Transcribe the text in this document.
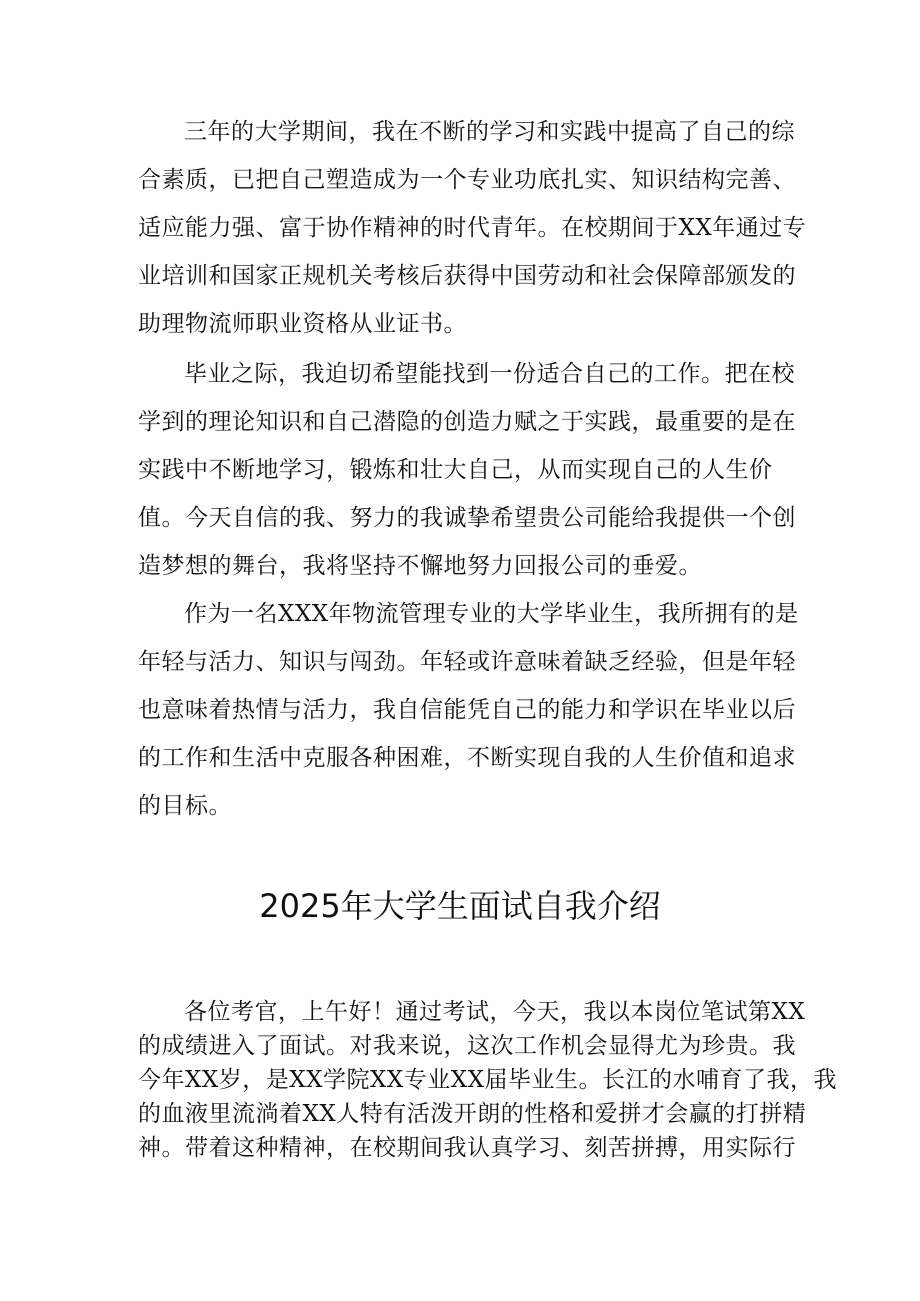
三年的大学期间，我在不断的学习和实践中提高了自己的综
合素质，已把自己塑造成为一个专业功底扎实、知识结构完善、
适应能力强、富于协作精神的时代青年。在校期间于XX年通过专
业培训和国家正规机关考核后获得中国劳动和社会保障部颁发的
助理物流师职业资格从业证书。
毕业之际，我迫切希望能找到一份适合自己的工作。把在校
学到的理论知识和自己潜隐的创造力赋之于实践，最重要的是在
实践中不断地学习，锻炼和壮大自己，从而实现自己的人生价
值。今天自信的我、努力的我诚挚希望贵公司能给我提供一个创
造梦想的舞台，我将坚持不懈地努力回报公司的垂爱。
作为一名XXX年物流管理专业的大学毕业生，我所拥有的是
年轻与活力、知识与闯劲。年轻或许意味着缺乏经验，但是年轻
也意味着热情与活力，我自信能凭自己的能力和学识在毕业以后
的工作和生活中克服各种困难，不断实现自我的人生价值和追求
的目标。
2025年大学生面试自我介绍
各位考官，上午好！通过考试，今天，我以本岗位笔试第XX
的成绩进入了面试。对我来说，这次工作机会显得尤为珍贵。我
今年XX岁，是XX学院XX专业XX届毕业生。长江的水哺育了我，我
的血液里流淌着XX人特有活泼开朗的性格和爱拼才会赢的打拼精
神。带着这种精神，在校期间我认真学习、刻苦拼搏，用实际行
